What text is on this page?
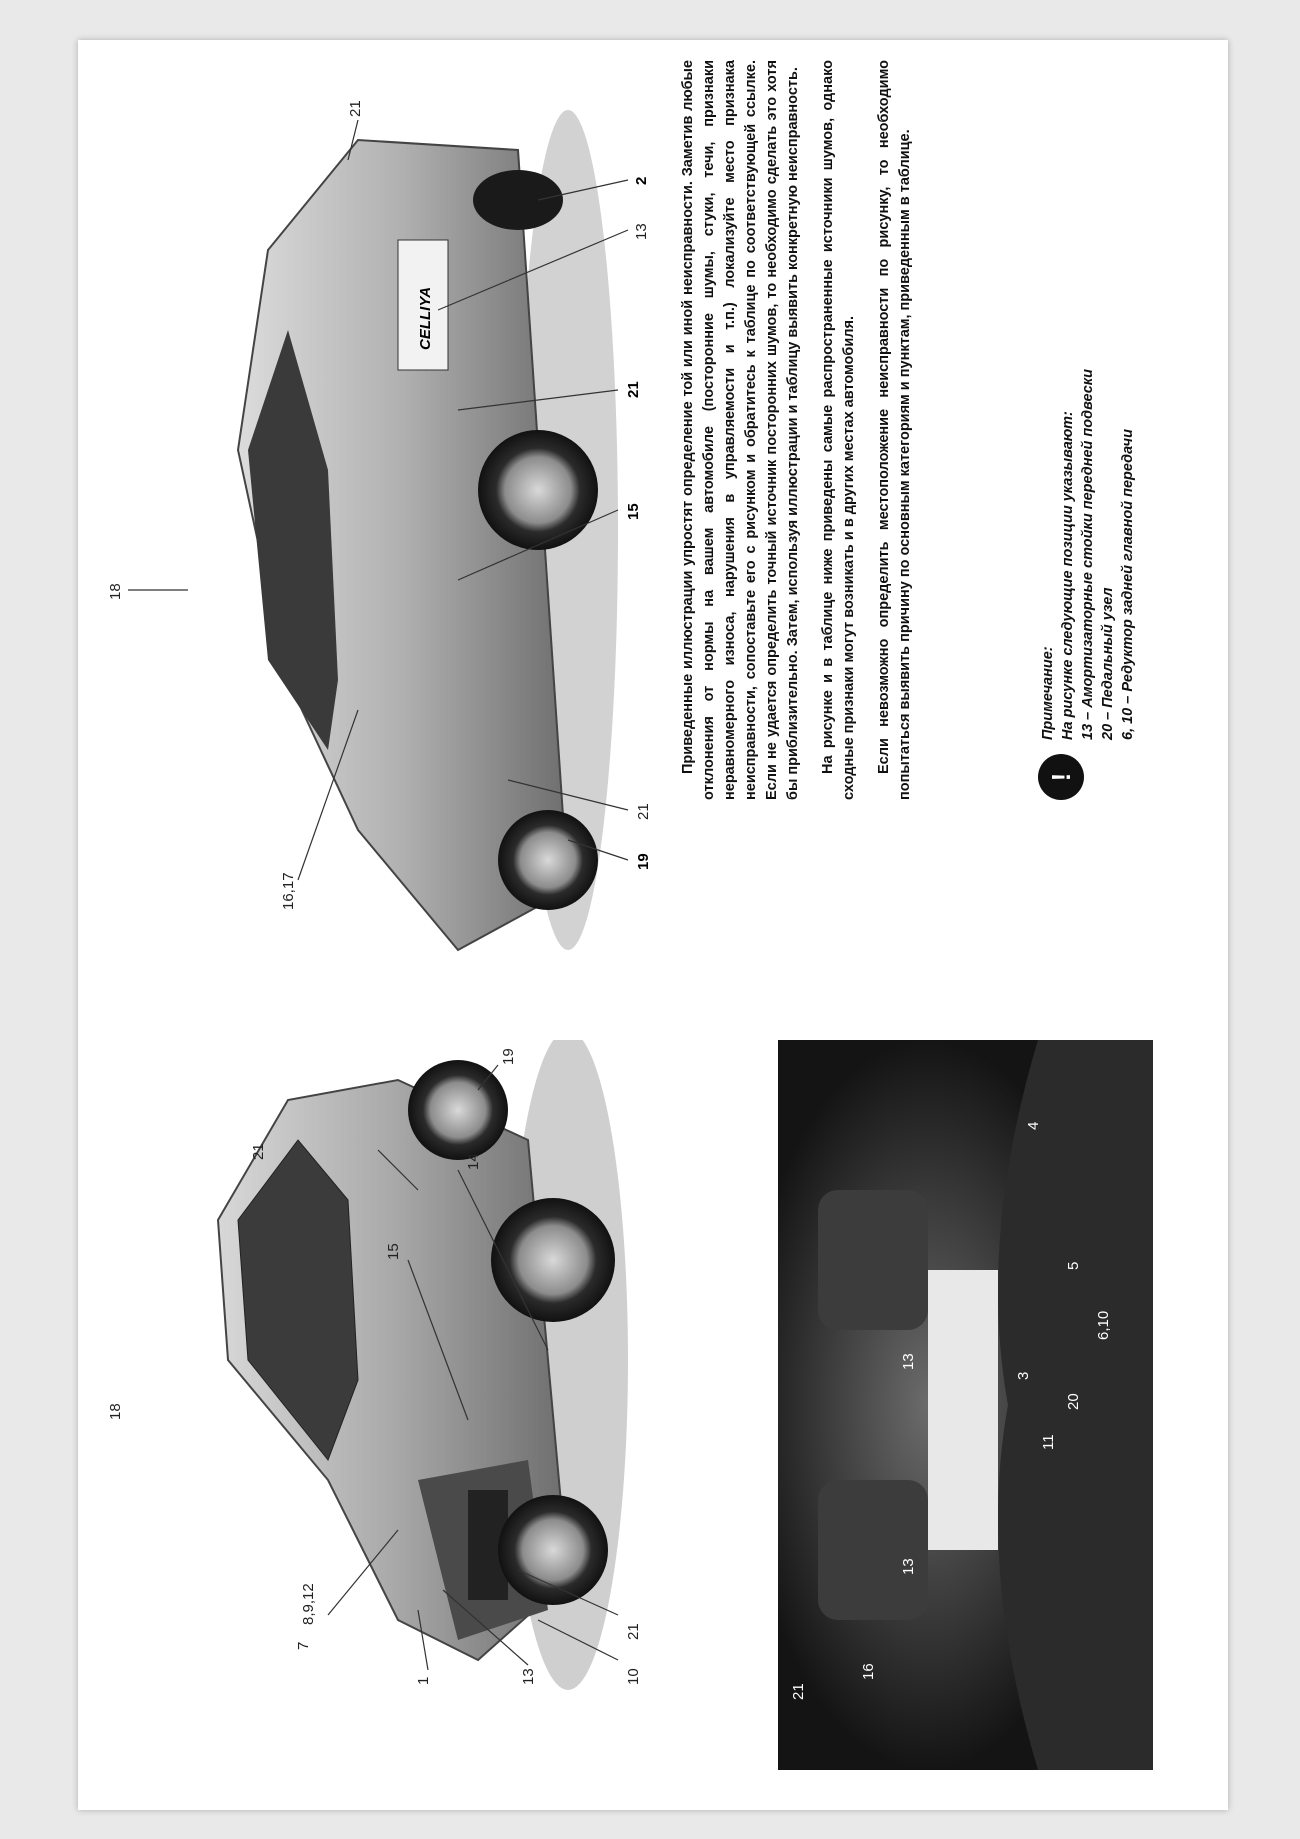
10
21
13
1
8,9,12
7
18
21
14
15
19
CELLIYA
19
21
16,17
15
21
18
13
2
21
21
16
13
11
20
3
6,10
5
4
13

Приведенные иллюстрации упростят определение той или иной неисправности. Заметив любые отклонения от нормы на вашем автомобиле (посторонние шумы, стуки, течи, признаки неравномерного износа, нарушения в управляемости и т.п.) локализуйте место признака неисправности, сопоставьте его с рисунком и обратитесь к таблице по соответствующей ссылке. Если не удается определить точный источник посторонних шумов, то необходимо сделать это хотя бы приблизительно. Затем, используя иллюстрации и таблицу выявить конкретную неисправность. На рисунке и в таблице ниже приведены самые распространенные источники шумов, однако сходные признаки могут возникать и в других местах автомобиля. Если невозможно определить местоположение неисправности по рисунку, то необходимо попытаться выявить причину по основным категориям и пунктам, приведенным в таблице.	!
Примечание: На рисунке следующие позиции указывают: 13 – Амортизаторные стойки передней подвески 20 – Педальный узел 6, 10 – Редуктор задней главной передачи
